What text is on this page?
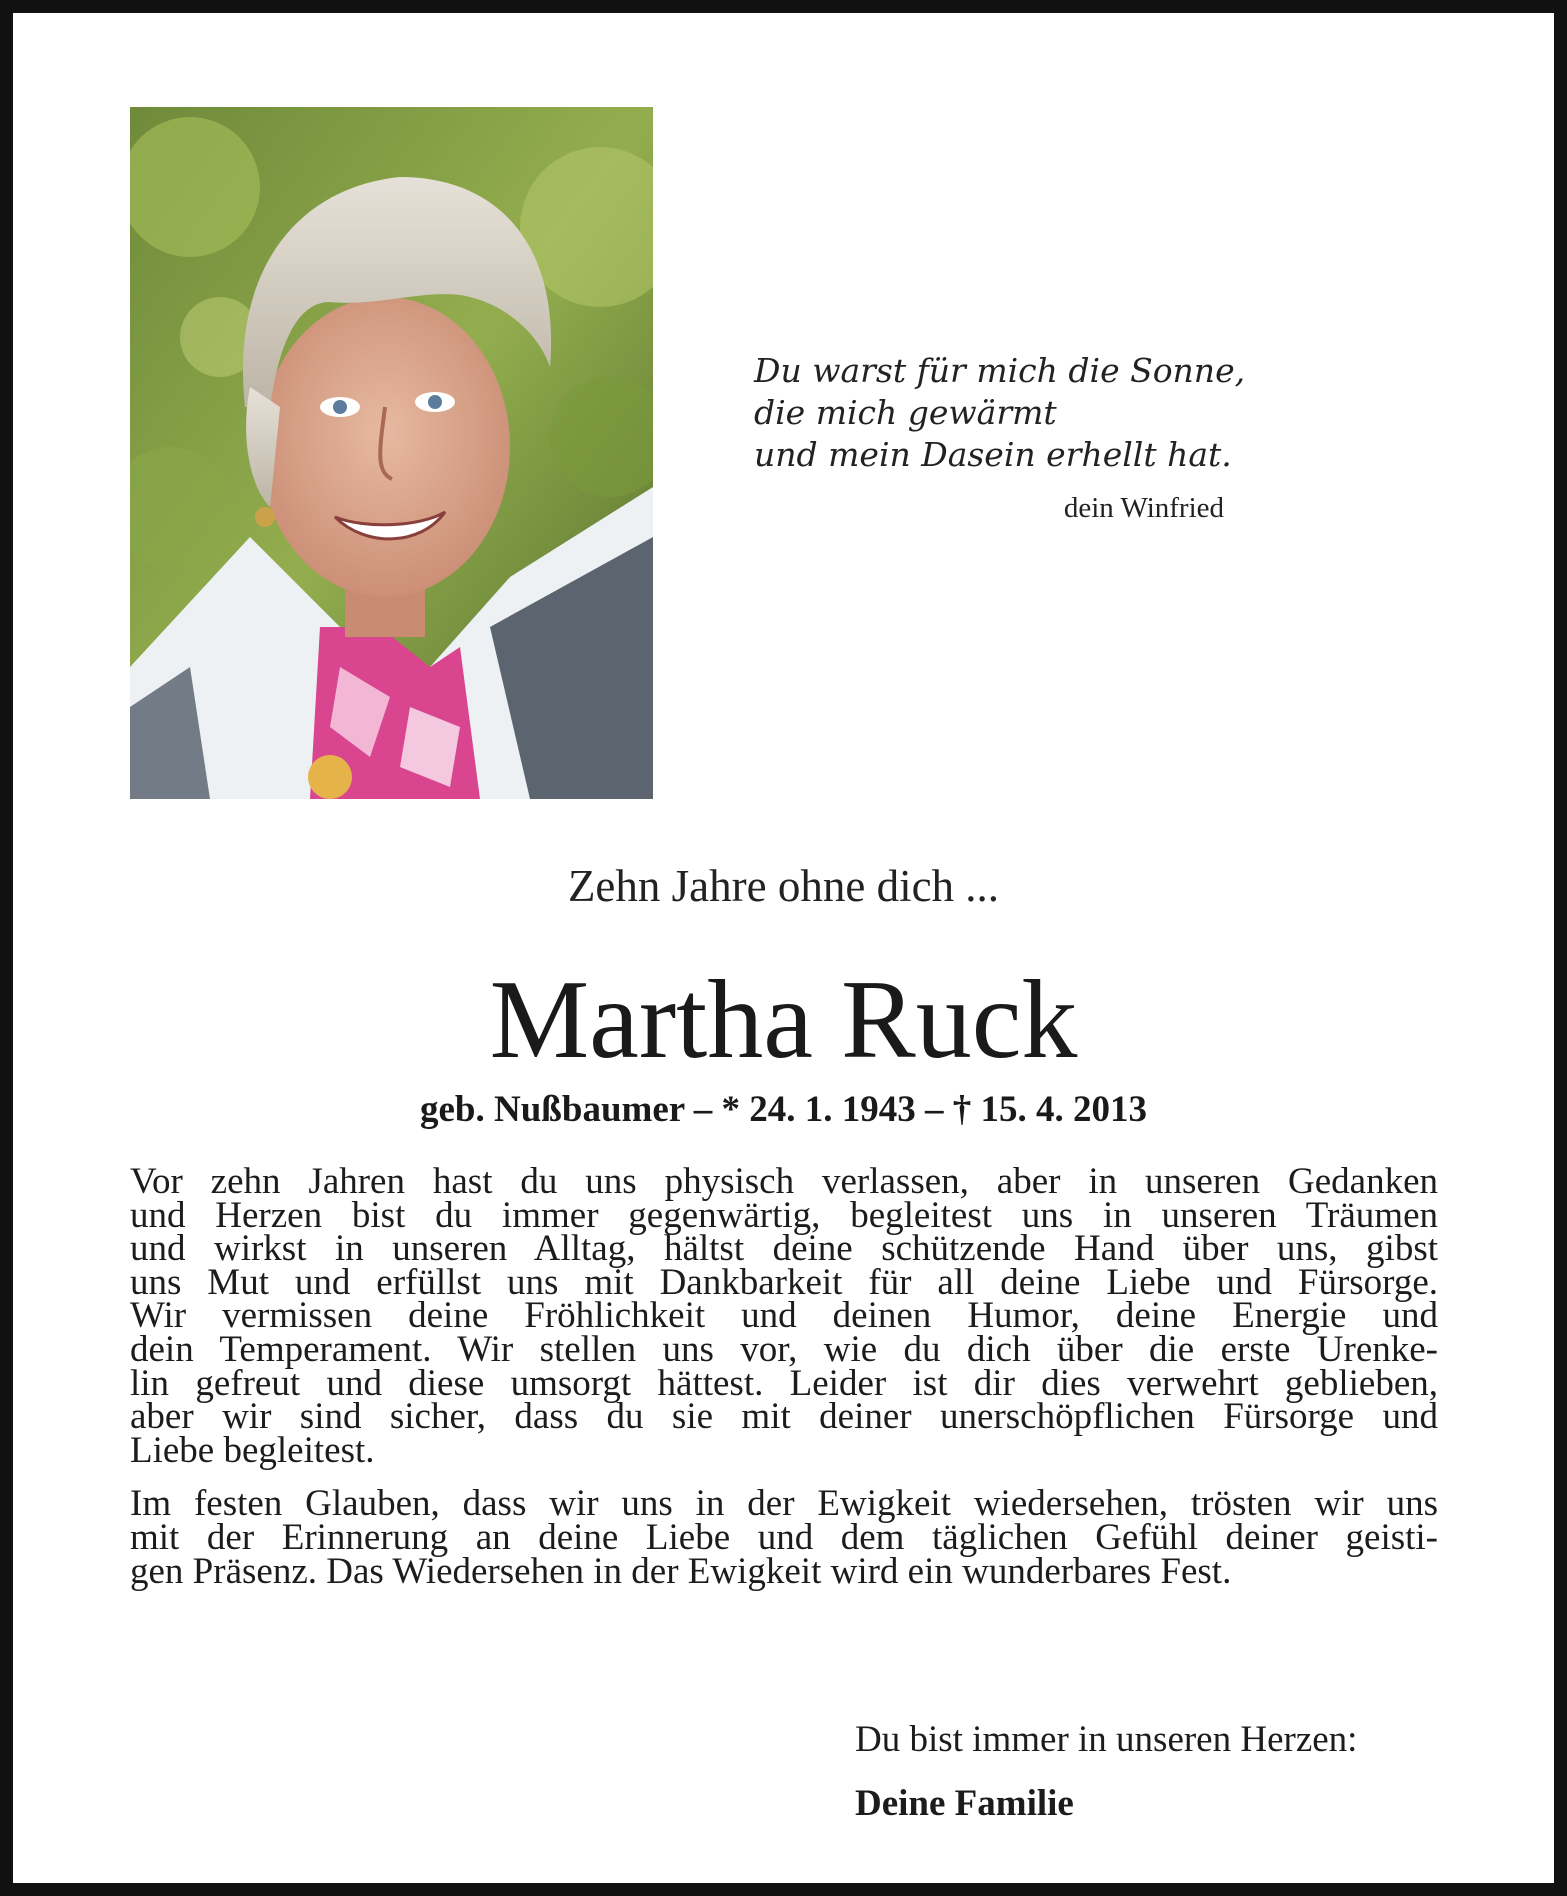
Du warst für mich die Sonne,
die mich gewärmt
und mein Dasein erhellt hat.
dein Winfried
Zehn Jahre ohne dich ...
Martha Ruck
geb. Nußbaumer – * 24. 1. 1943 – † 15. 4. 2013
Vor zehn Jahren hast du uns physisch verlassen, aber in unseren Gedanken
und Herzen bist du immer gegenwärtig, begleitest uns in unseren Träumen
und wirkst in unseren Alltag, hältst deine schützende Hand über uns, gibst
uns Mut und erfüllst uns mit Dankbarkeit für all deine Liebe und Fürsorge.
Wir vermissen deine Fröhlichkeit und deinen Humor, deine Energie und
dein Temperament. Wir stellen uns vor, wie du dich über die erste Urenke-
lin gefreut und diese umsorgt hättest. Leider ist dir dies verwehrt geblieben,
aber wir sind sicher, dass du sie mit deiner unerschöpflichen Fürsorge und
Liebe begleitest.
Im festen Glauben, dass wir uns in der Ewigkeit wiedersehen, trösten wir uns
mit der Erinnerung an deine Liebe und dem täglichen Gefühl deiner geisti-
gen Präsenz. Das Wiedersehen in der Ewigkeit wird ein wunderbares Fest.
Du bist immer in unseren Herzen:
Deine Familie
